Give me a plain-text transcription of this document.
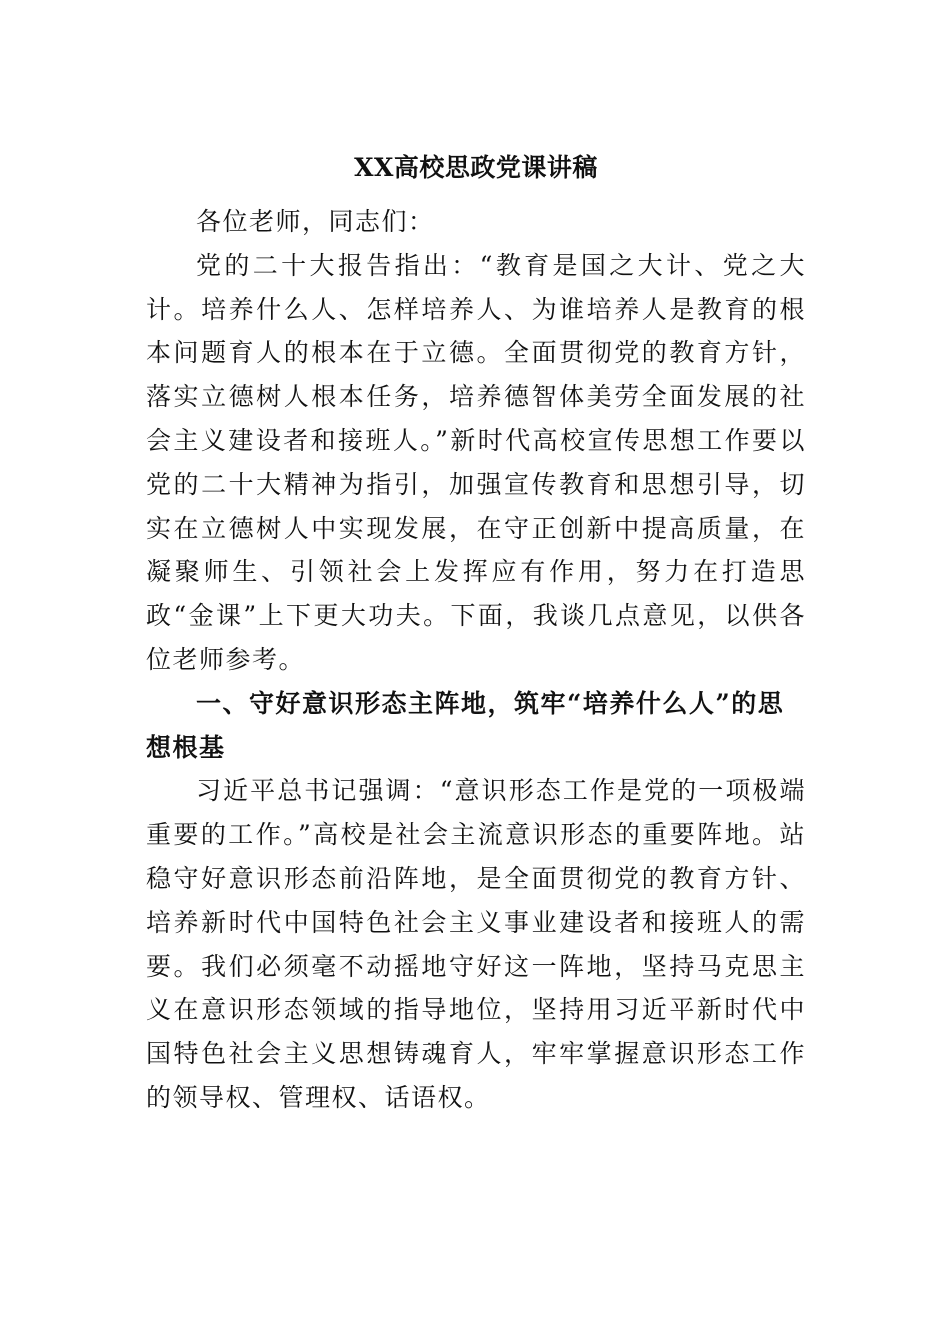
XX高校思政党课讲稿

各位老师，同志们：

党的二十大报告指出：“教育是国之大计、党之大计。培养什么人、怎样培养人、为谁培养人是教育的根本问题育人的根本在于立德。全面贯彻党的教育方针，落实立德树人根本任务，培养德智体美劳全面发展的社会主义建设者和接班人。”新时代高校宣传思想工作要以党的二十大精神为指引，加强宣传教育和思想引导，切实在立德树人中实现发展，在守正创新中提高质量，在凝聚师生、引领社会上发挥应有作用，努力在打造思政“金课”上下更大功夫。下面，我谈几点意见，以供各位老师参考。

一、守好意识形态主阵地，筑牢“培养什么人”的思想根基

习近平总书记强调：“意识形态工作是党的一项极端重要的工作。”高校是社会主流意识形态的重要阵地。站稳守好意识形态前沿阵地，是全面贯彻党的教育方针、培养新时代中国特色社会主义事业建设者和接班人的需要。我们必须毫不动摇地守好这一阵地，坚持马克思主义在意识形态领域的指导地位，坚持用习近平新时代中国特色社会主义思想铸魂育人，牢牢掌握意识形态工作的领导权、管理权、话语权。
